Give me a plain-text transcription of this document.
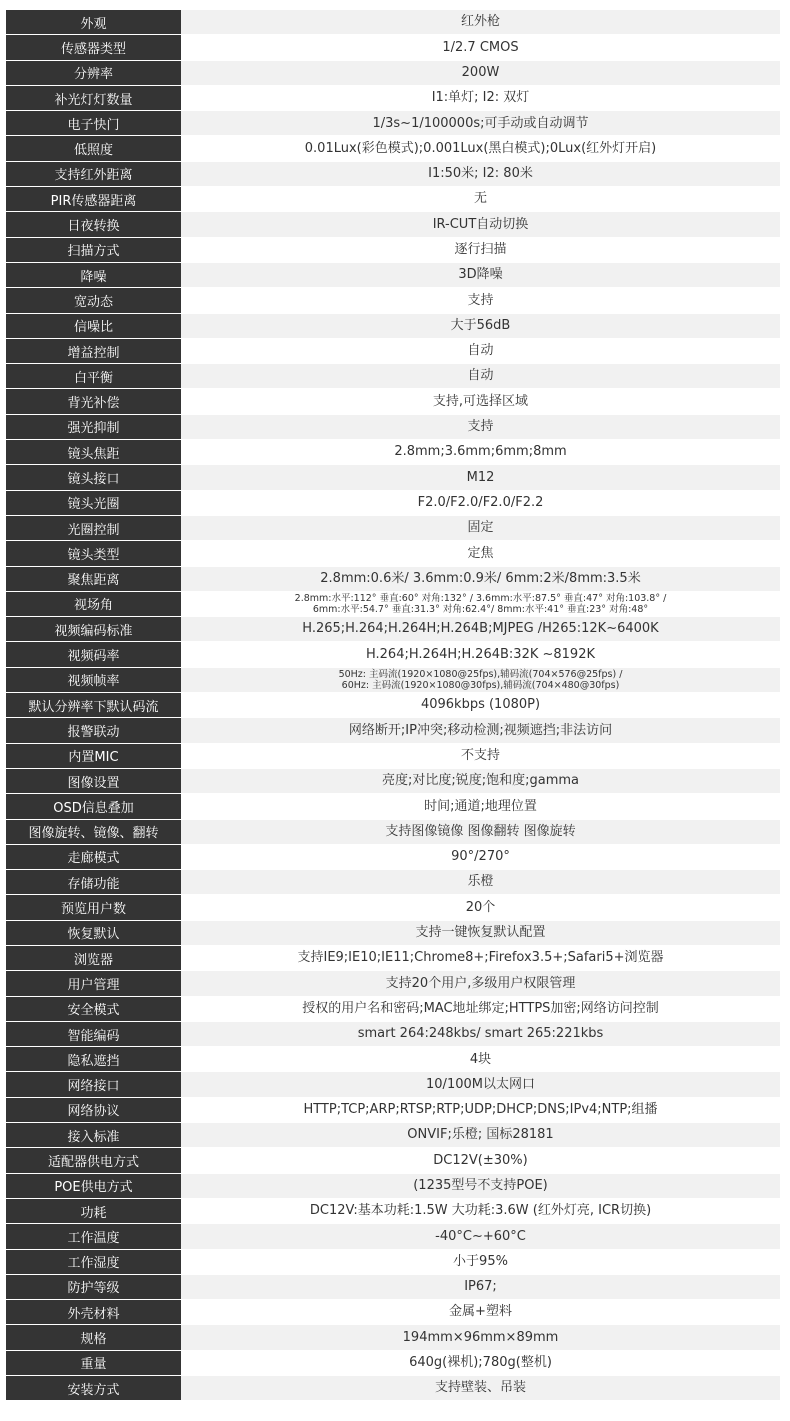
外观	红外枪
传感器类型	1/2.7 CMOS
分辨率	200W
补光灯灯数量	I1:单灯; I2: 双灯
电子快门	1/3s~1/100000s;可手动或自动调节
低照度	0.01Lux(彩色模式);0.001Lux(黑白模式);0Lux(红外灯开启)
支持红外距离	I1:50米; I2: 80米
PIR传感器距离	无
日夜转换	IR-CUT自动切换
扫描方式	逐行扫描
降噪	3D降噪
宽动态	支持
信噪比	大于56dB
增益控制	自动
白平衡	自动
背光补偿	支持,可选择区域
强光抑制	支持
镜头焦距	2.8mm;3.6mm;6mm;8mm
镜头接口	M12
镜头光圈	F2.0/F2.0/F2.0/F2.2
光圈控制	固定
镜头类型	定焦
聚焦距离	2.8mm:0.6米/ 3.6mm:0.9米/ 6mm:2米/8mm:3.5米
视场角	2.8mm:水平:112° 垂直:60° 对角:132° / 3.6mm:水平:87.5° 垂直:47° 对角:103.8° /
6mm:水平:54.7° 垂直:31.3° 对角:62.4°/ 8mm:水平:41° 垂直:23° 对角:48°
视频编码标准	H.265;H.264;H.264H;H.264B;MJPEG /H265:12K~6400K
视频码率	H.264;H.264H;H.264B:32K ~8192K
视频帧率	50Hz: 主码流(1920×1080@25fps),辅码流(704×576@25fps) /
60Hz: 主码流(1920×1080@30fps),辅码流(704×480@30fps)
默认分辨率下默认码流	4096kbps (1080P)
报警联动	网络断开;IP冲突;移动检测;视频遮挡;非法访问
内置MIC	不支持
图像设置	亮度;对比度;锐度;饱和度;gamma
OSD信息叠加	时间;通道;地理位置
图像旋转、镜像、翻转	支持图像镜像 图像翻转 图像旋转
走廊模式	90°/270°
存储功能	乐橙
预览用户数	20个
恢复默认	支持一键恢复默认配置
浏览器	支持IE9;IE10;IE11;Chrome8+;Firefox3.5+;Safari5+浏览器
用户管理	支持20个用户,多级用户权限管理
安全模式	授权的用户名和密码;MAC地址绑定;HTTPS加密;网络访问控制
智能编码	smart 264:248kbs/ smart 265:221kbs
隐私遮挡	4块
网络接口	10/100M以太网口
网络协议	HTTP;TCP;ARP;RTSP;RTP;UDP;DHCP;DNS;IPv4;NTP;组播
接入标准	ONVIF;乐橙; 国标28181
适配器供电方式	DC12V(±30%)
POE供电方式	(1235型号不支持POE)
功耗	DC12V:基本功耗:1.5W 大功耗:3.6W (红外灯亮, ICR切换)
工作温度	-40°C~+60°C
工作湿度	小于95%
防护等级	IP67;
外壳材料	金属+塑料
规格	194mm×96mm×89mm
重量	640g(裸机);780g(整机)
安装方式	支持壁装、吊装
